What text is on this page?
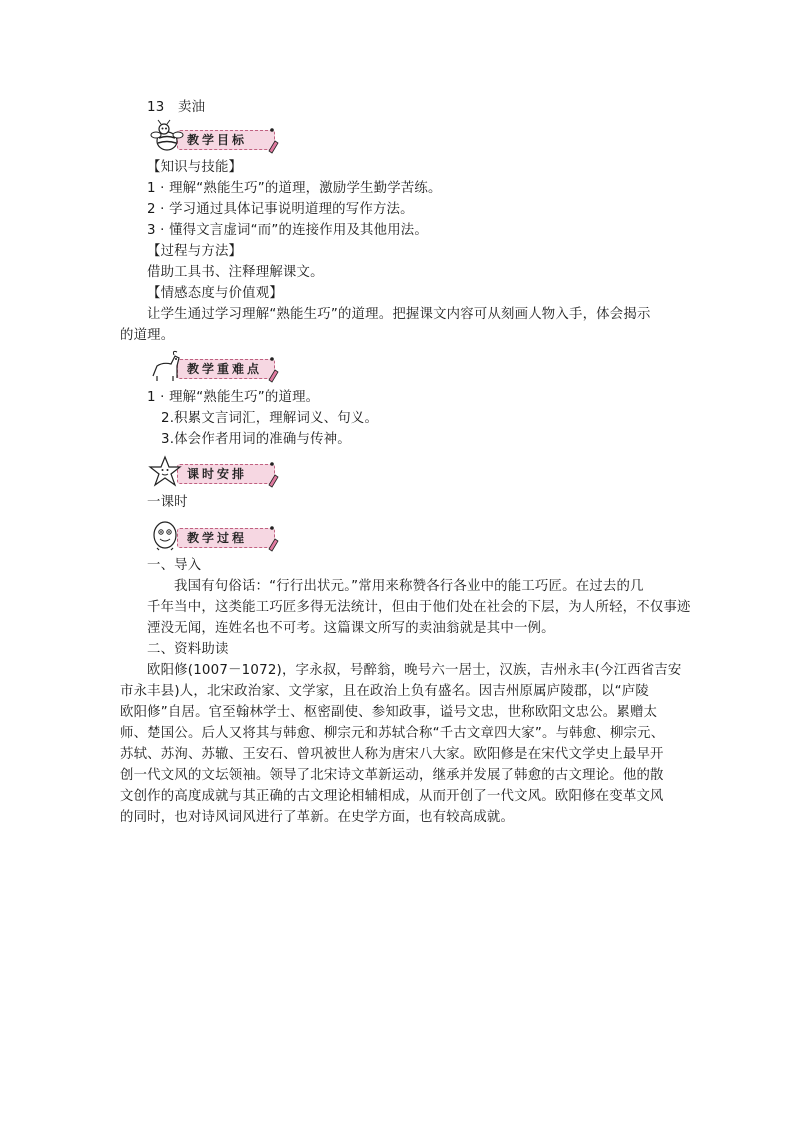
13　卖油
教学目标
【知识与技能】
1 · 理解“熟能生巧”的道理，激励学生勤学苦练。
2 · 学习通过具体记事说明道理的写作方法。
3 · 懂得文言虚词“而”的连接作用及其他用法。
【过程与方法】
借助工具书、注释理解课文。
【情感态度与价值观】
让学生通过学习理解“熟能生巧”的道理。把握课文内容可从刻画人物入手，体会揭示
的道理。
教学重难点
1 · 理解“熟能生巧”的道理。
2.积累文言词汇，理解词义、句义。
3.体会作者用词的准确与传神。
课时安排
一课时
教学过程
一、导入
我国有句俗话：“行行出状元。”常用来称赞各行各业中的能工巧匠。在过去的几
千年当中，这类能工巧匠多得无法统计，但由于他们处在社会的下层，为人所轻，不仅事迹
湮没无闻，连姓名也不可考。这篇课文所写的卖油翁就是其中一例。
二、资料助读
欧阳修(1007－1072)，字永叔，号醉翁，晚号六一居士，汉族，吉州永丰(今江西省吉安
市永丰县)人，北宋政治家、文学家，且在政治上负有盛名。因吉州原属庐陵郡，以“庐陵
欧阳修”自居。官至翰林学士、枢密副使、参知政事，谥号文忠，世称欧阳文忠公。累赠太
师、楚国公。后人又将其与韩愈、柳宗元和苏轼合称“千古文章四大家”。与韩愈、柳宗元、
苏轼、苏洵、苏辙、王安石、曾巩被世人称为唐宋八大家。欧阳修是在宋代文学史上最早开
创一代文风的文坛领袖。领导了北宋诗文革新运动，继承并发展了韩愈的古文理论。他的散
文创作的高度成就与其正确的古文理论相辅相成，从而开创了一代文风。欧阳修在变革文风
的同时，也对诗风词风进行了革新。在史学方面，也有较高成就。
